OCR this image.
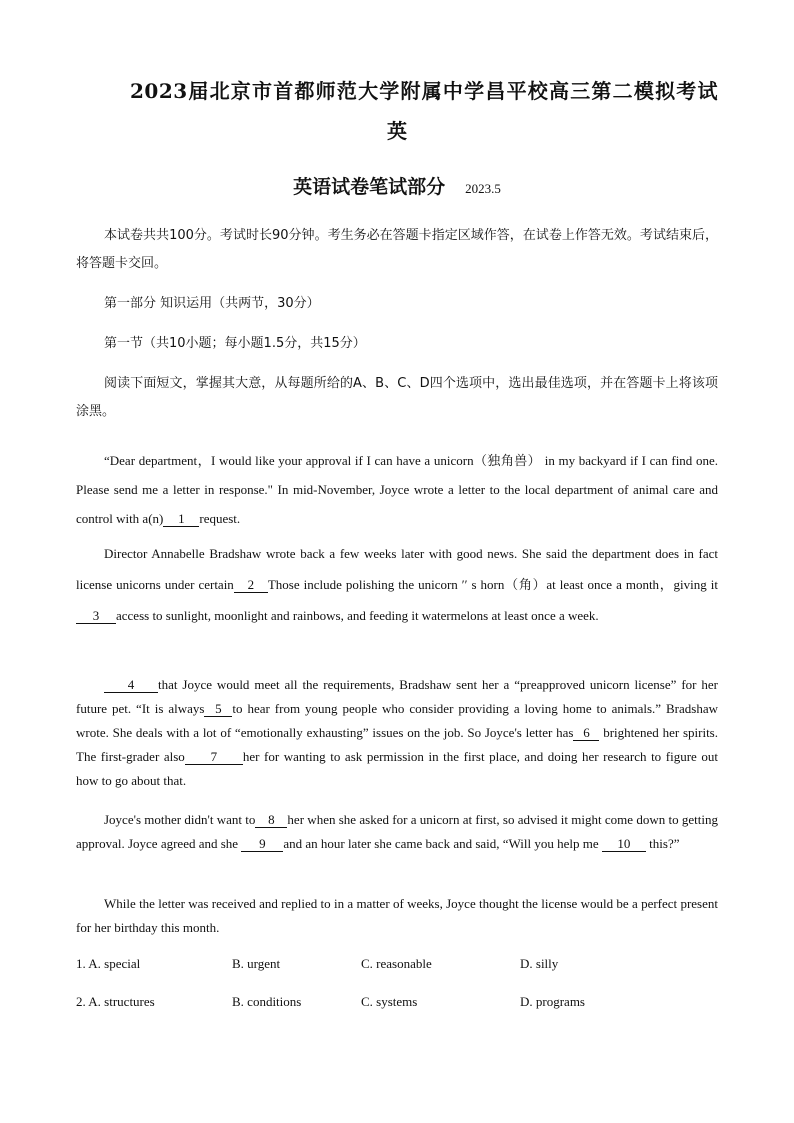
2023届北京市首都师范大学附属中学昌平校高三第二模拟考试
英
英语试卷笔试部分 2023.5
本试卷共共100分。考试时长90分钟。考生务必在答题卡指定区域作答，在试卷上作答无效。考试结束后，将答题卡交回。
第一部分 知识运用（共两节，30分）
第一节（共10小题；每小题1.5分，共15分）
阅读下面短文，掌握其大意，从每题所给的A、B、C、D四个选项中，选出最佳选项，并在答题卡上将该项涂黑。
“Dear department，I would like your approval if I can have a unicorn（独角兽） in my backyard if I can find one. Please send me a letter in response." In mid-November, Joyce wrote a letter to the local department of animal care and control with a(n) 1 request.
Director Annabelle Bradshaw wrote back a few weeks later with good news. She said the department does in fact license unicorns under certain 2 Those include polishing the unicorn ′′ s horn（角）at least once a month，giving it 3 access to sunlight, moonlight and rainbows, and feeding it watermelons at least once a week.
4 that Joyce would meet all the requirements, Bradshaw sent her a “preapproved unicorn license” for her future pet. “It is always 5 to hear from young people who consider providing a loving home to animals.” Bradshaw wrote. She deals with a lot of “emotionally exhausting” issues on the job. So Joyce's letter has 6 brightened her spirits. The first-grader also 7 her for wanting to ask permission in the first place, and doing her research to figure out how to go about that.
Joyce's mother didn't want to 8 her when she asked for a unicorn at first, so advised it might come down to getting approval. Joyce agreed and she 9 and an hour later she came back and said, “Will you help me 10 this?”
While the letter was received and replied to in a matter of weeks, Joyce thought the license would be a perfect present for her birthday this month.
1. A. special	B. urgent	C. reasonable	D. silly
2. A. structures	B. conditions	C. systems	D. programs
